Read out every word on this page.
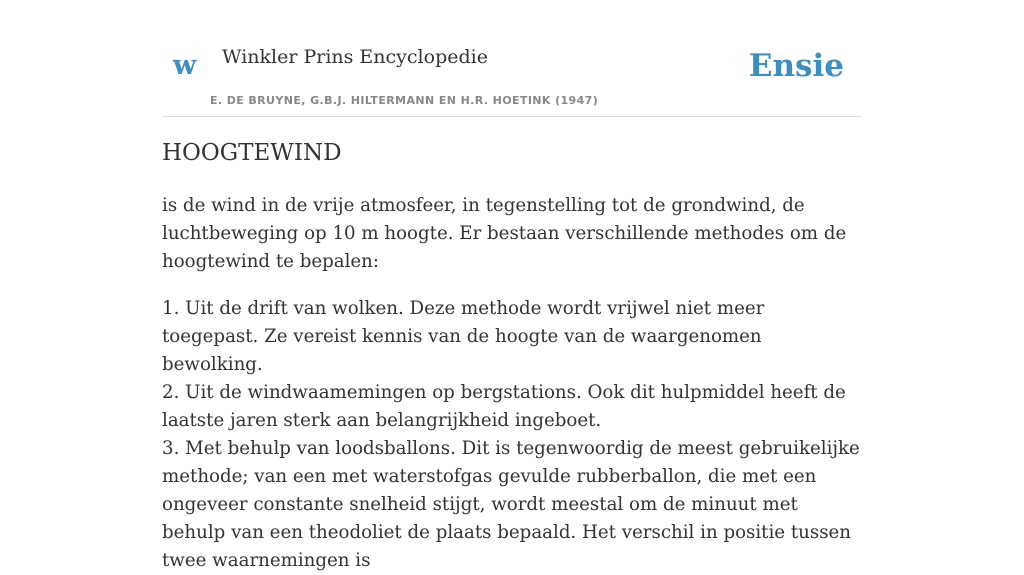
w Winkler Prins Encyclopedie
E. DE BRUYNE, G.B.J. HILTERMANN EN H.R. HOETINK (1947)
Ensie
HOOGTEWIND

is de wind in de vrije atmosfeer, in tegenstelling tot de grondwind, de luchtbeweging op 10 m hoogte. Er bestaan verschillende methodes om de hoogtewind te bepalen:

1. Uit de drift van wolken. Deze methode wordt vrijwel niet meer toegepast. Ze vereist kennis van de hoogte van de waargenomen bewolking.
2. Uit de windwaamemingen op bergstations. Ook dit hulpmiddel heeft de laatste jaren sterk aan belangrijkheid ingeboet.
3. Met behulp van loodsballons. Dit is tegenwoordig de meest gebruikelijke methode; van een met waterstofgas gevulde rubberballon, die met een ongeveer constante snelheid stijgt, wordt meestal om de minuut met behulp van een theodoliet de plaats bepaald. Het verschil in positie tussen twee waarnemingen is
